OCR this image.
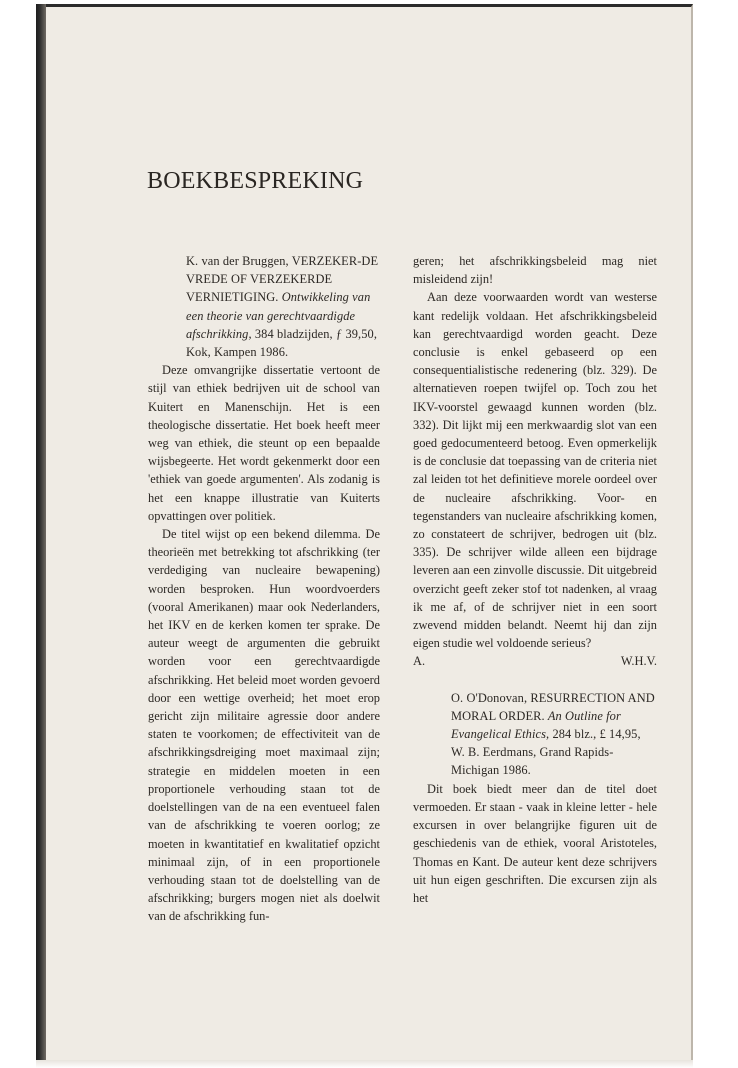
BOEKBESPREKING
K. van der Bruggen, VERZEKER-DE VREDE OF VERZEKERDE VERNIETIGING. Ontwikkeling van een theorie van gerechtvaardigde afschrikking, 384 bladzijden, ƒ 39,50, Kok, Kampen 1986.

Deze omvangrijke dissertatie vertoont de stijl van ethiek bedrijven uit de school van Kuitert en Manenschijn. Het is een theologische dissertatie. Het boek heeft meer weg van ethiek, die steunt op een bepaalde wijsbegeerte. Het wordt gekenmerkt door een 'ethiek van goede argumenten'. Als zodanig is het een knappe illustratie van Kuiterts opvattingen over politiek.

De titel wijst op een bekend dilemma. De theorieën met betrekking tot afschrikking (ter verdediging van nucleaire bewapening) worden besproken. Hun woordvoerders (vooral Amerikanen) maar ook Nederlanders, het IKV en de kerken komen ter sprake. De auteur weegt de argumenten die gebruikt worden voor een gerechtvaardigde afschrikking. Het beleid moet worden gevoerd door een wettige overheid; het moet erop gericht zijn militaire agressie door andere staten te voorkomen; de effectiviteit van de afschrikkingsdreiging moet maximaal zijn; strategie en middelen moeten in een proportionele verhouding staan tot de doelstellingen van de na een eventueel falen van de afschrikking te voeren oorlog; ze moeten in kwantitatief en kwalitatief opzicht minimaal zijn, of in een proportionele verhouding staan tot de doelstelling van de afschrikking; burgers mogen niet als doelwit van de afschrikking fun-

geren; het afschrikkingsbeleid mag niet misleidend zijn!

Aan deze voorwaarden wordt van westerse kant redelijk voldaan. Het afschrikkingsbeleid kan gerechtvaardigd worden geacht. Deze conclusie is enkel gebaseerd op een consequentialistische redenering (blz. 329). De alternatieven roepen twijfel op. Toch zou het IKV-voorstel gewaagd kunnen worden (blz. 332). Dit lijkt mij een merkwaardig slot van een goed gedocumenteerd betoog. Even opmerkelijk is de conclusie dat toepassing van de criteria niet zal leiden tot het definitieve morele oordeel over de nucleaire afschrikking. Voor- en tegenstanders van nucleaire afschrikking komen, zo constateert de schrijver, bedrogen uit (blz. 335). De schrijver wilde alleen een bijdrage leveren aan een zinvolle discussie. Dit uitgebreid overzicht geeft zeker stof tot nadenken, al vraag ik me af, of de schrijver niet in een soort zwevend midden belandt. Neemt hij dan zijn eigen studie wel voldoende serieus?

A.	W.H.V.
O. O'Donovan, RESURRECTION AND MORAL ORDER. An Outline for Evangelical Ethics, 284 blz., £ 14,95, W. B. Eerdmans, Grand Rapids-Michigan 1986.

Dit boek biedt meer dan de titel doet vermoeden. Er staan - vaak in kleine letter - hele excursen in over belangrijke figuren uit de geschiedenis van de ethiek, vooral Aristoteles, Thomas en Kant. De auteur kent deze schrijvers uit hun eigen geschriften. Die excursen zijn als het
